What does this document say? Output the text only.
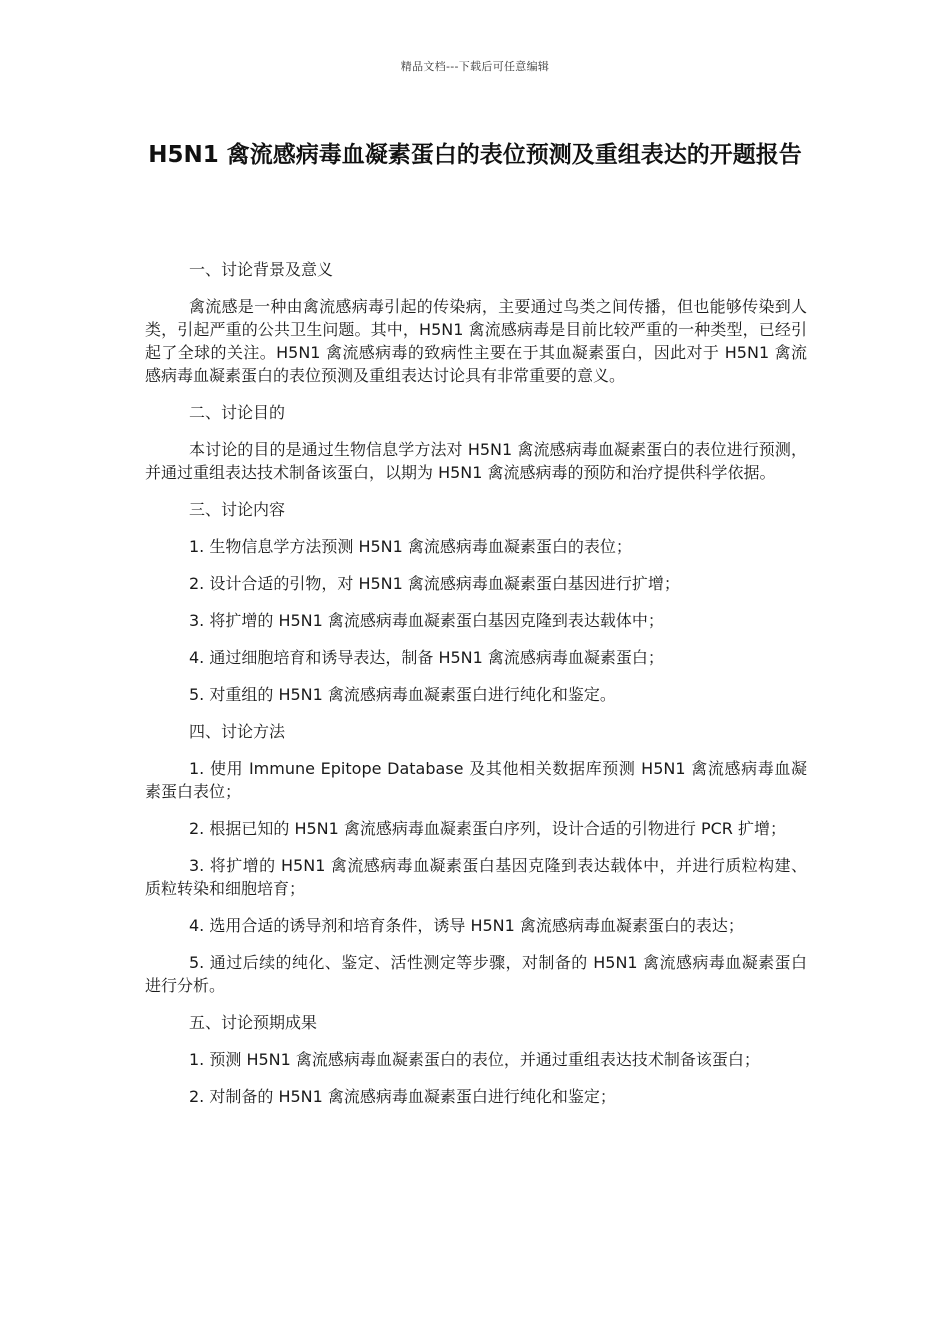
精品文档---下载后可任意编辑
H5N1 禽流感病毒血凝素蛋白的表位预测及重组表达的开题报告

一、讨论背景及意义

禽流感是一种由禽流感病毒引起的传染病，主要通过鸟类之间传播，但也能够传染到人类，引起严重的公共卫生问题。其中，H5N1 禽流感病毒是目前比较严重的一种类型，已经引起了全球的关注。H5N1 禽流感病毒的致病性主要在于其血凝素蛋白，因此对于 H5N1 禽流感病毒血凝素蛋白的表位预测及重组表达讨论具有非常重要的意义。

二、讨论目的

本讨论的目的是通过生物信息学方法对 H5N1 禽流感病毒血凝素蛋白的表位进行预测，并通过重组表达技术制备该蛋白，以期为 H5N1 禽流感病毒的预防和治疗提供科学依据。

三、讨论内容

1. 生物信息学方法预测 H5N1 禽流感病毒血凝素蛋白的表位；

2. 设计合适的引物，对 H5N1 禽流感病毒血凝素蛋白基因进行扩增；

3. 将扩增的 H5N1 禽流感病毒血凝素蛋白基因克隆到表达载体中；

4. 通过细胞培育和诱导表达，制备 H5N1 禽流感病毒血凝素蛋白；

5. 对重组的 H5N1 禽流感病毒血凝素蛋白进行纯化和鉴定。

四、讨论方法

1. 使用 Immune Epitope Database 及其他相关数据库预测 H5N1 禽流感病毒血凝素蛋白表位；

2. 根据已知的 H5N1 禽流感病毒血凝素蛋白序列，设计合适的引物进行 PCR 扩增；

3. 将扩增的 H5N1 禽流感病毒血凝素蛋白基因克隆到表达载体中，并进行质粒构建、质粒转染和细胞培育；

4. 选用合适的诱导剂和培育条件，诱导 H5N1 禽流感病毒血凝素蛋白的表达；

5. 通过后续的纯化、鉴定、活性测定等步骤，对制备的 H5N1 禽流感病毒血凝素蛋白进行分析。

五、讨论预期成果

1. 预测 H5N1 禽流感病毒血凝素蛋白的表位，并通过重组表达技术制备该蛋白；

2. 对制备的 H5N1 禽流感病毒血凝素蛋白进行纯化和鉴定；
